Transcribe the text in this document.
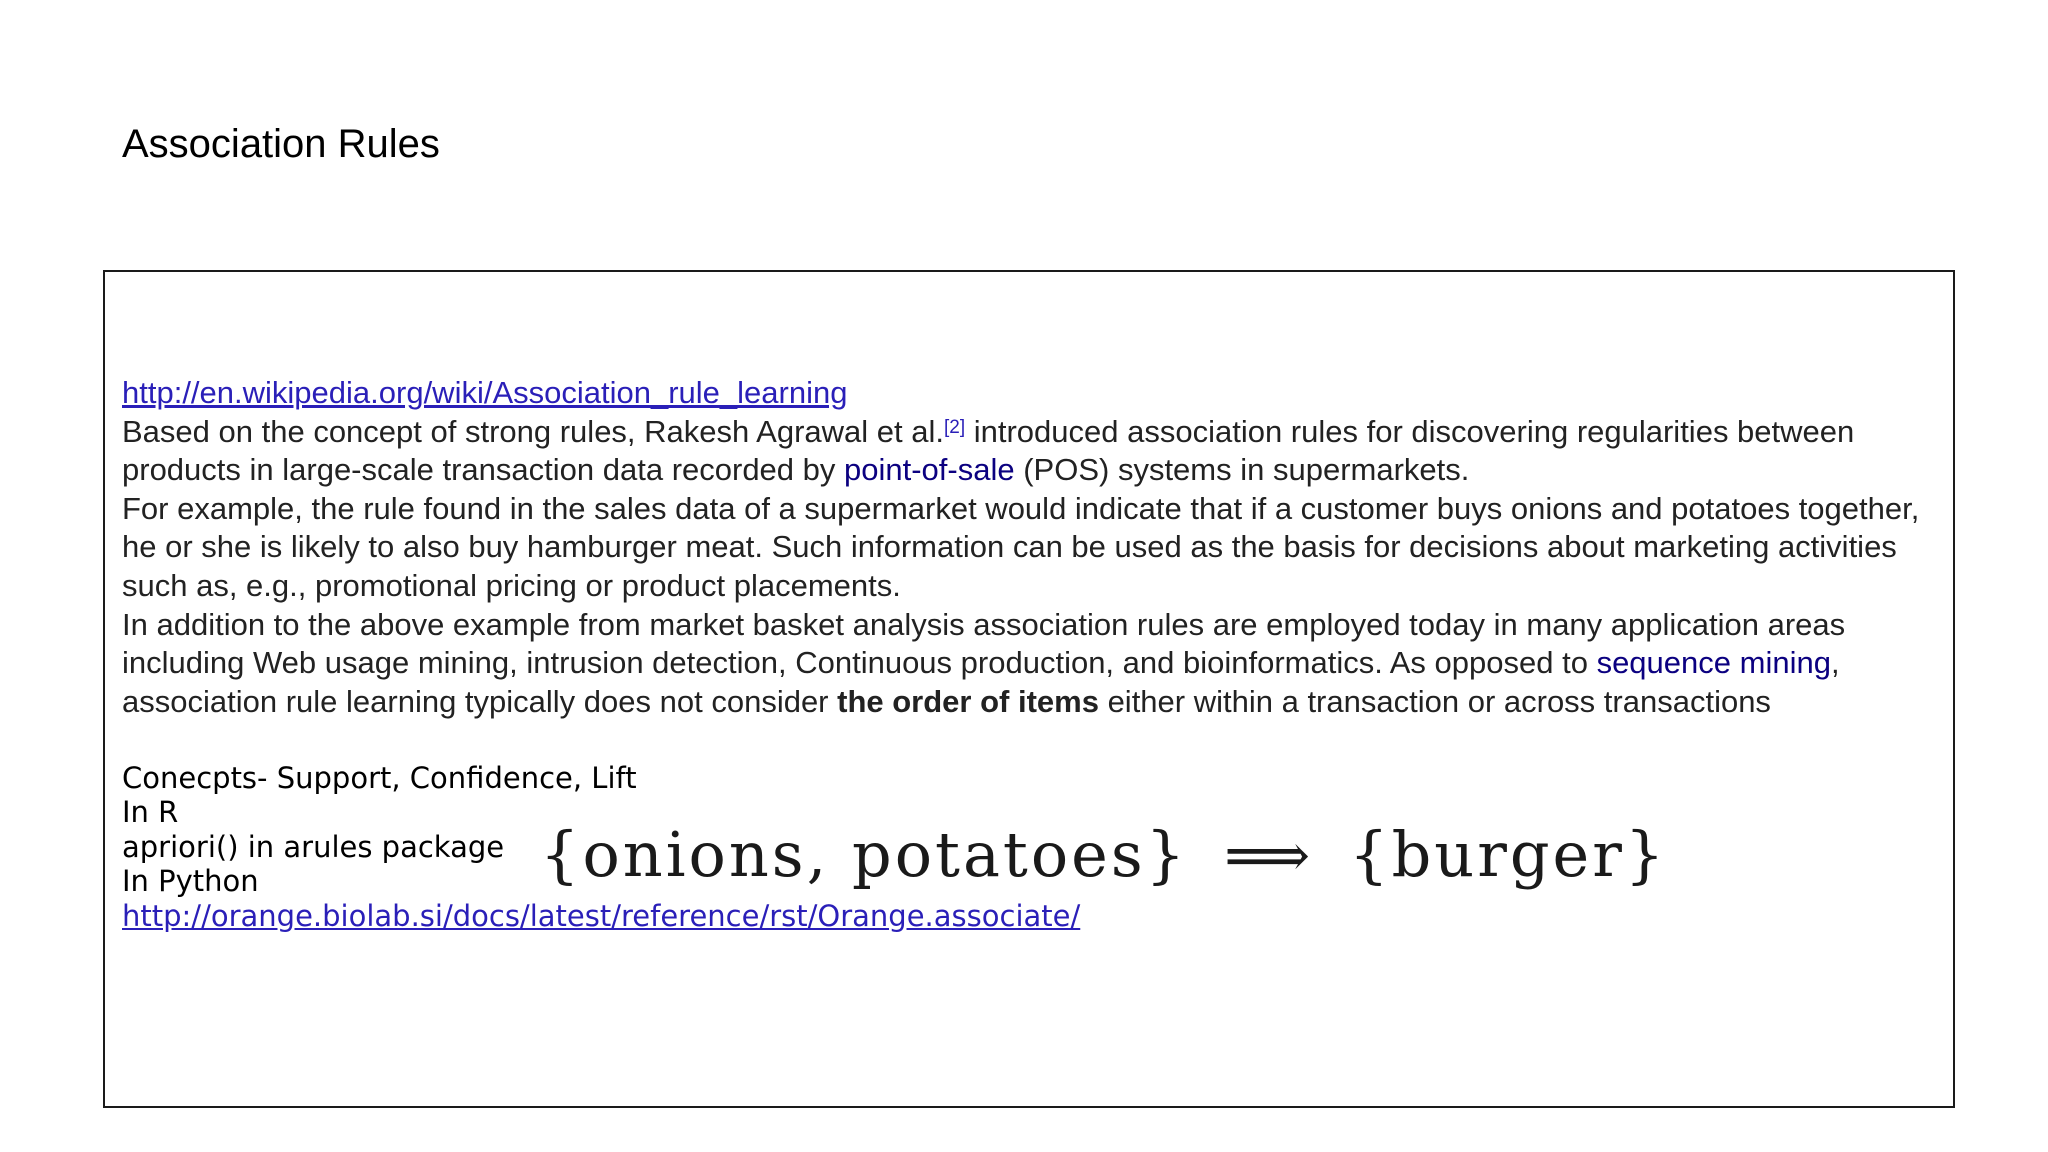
Association Rules

http://en.wikipedia.org/wiki/Association_rule_learning

Based on the concept of strong rules, Rakesh Agrawal et al.[2] introduced association rules for discovering regularities between products in large-scale transaction data recorded by point-of-sale (POS) systems in supermarkets.

For example, the rule found in the sales data of a supermarket would indicate that if a customer buys onions and potatoes together, he or she is likely to also buy hamburger meat. Such information can be used as the basis for decisions about marketing activities such as, e.g., promotional pricing or product placements.

In addition to the above example from market basket analysis association rules are employed today in many application areas including Web usage mining, intrusion detection, Continuous production, and bioinformatics. As opposed to sequence mining, association rule learning typically does not consider the order of items either within a transaction or across transactions

Conecpts- Support, Confidence, Lift
In R
apriori() in arules package
In Python
http://orange.biolab.si/docs/latest/reference/rst/Orange.associate/
{onions, potatoes} ⟹ {burger}
